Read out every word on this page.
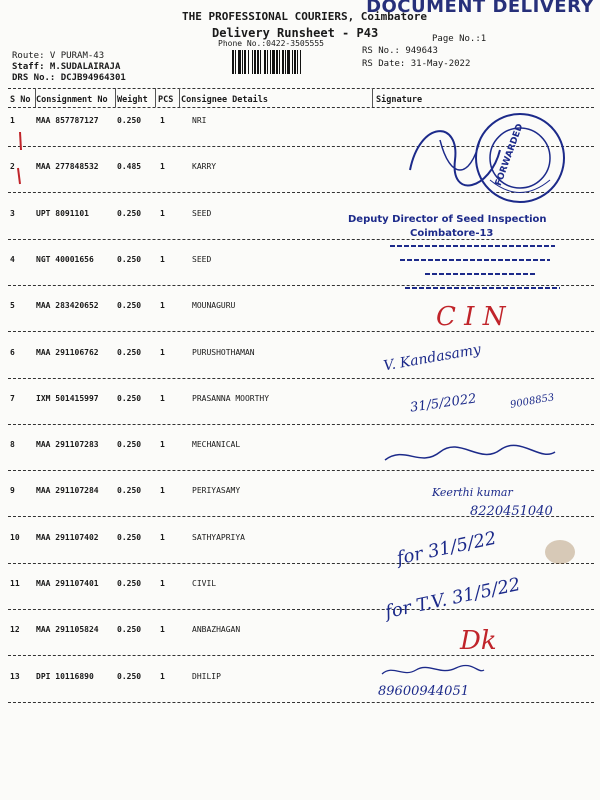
DOCUMENT DELIVERY
THE PROFESSIONAL COURIERS, Coimbatore
Delivery Runsheet - P43
Phone No.:0422-3505555	Page No.:1
RS No.: 949643
RS Date: 31-May-2022
Route: V PURAM-43
Staff: M.SUDALAIRAJA
DRS No.: DCJB94964301
S No Consignment No Weight PCS Consignee Details	Signature
1	MAA 857787127 0.250 1	NRI
2	MAA 277848532 0.485 1	KARRY
3	UPT 8091101	0.250 1	SEED
4	NGT 40001656	0.250 1	SEED
5	MAA 283420652 0.250 1	MOUNAGURU
6	MAA 291106762 0.250 1	PURUSHOTHAMAN
7	IXM 501415997 0.250 1	PRASANNA MOORTHY
8	MAA 291107283 0.250 1	MECHANICAL
9	MAA 291107284 0.250 1	PERIYASAMY
10 MAA 291107402 0.250 1	SATHYAPRIYA
11 MAA 291107401 0.250 1	CIVIL
12 MAA 291105824 0.250 1	ANBAZHAGAN
13 DPI 10116890	0.250 1	DHILIP
FORWARDED
Deputy Director of Seed Inspection
Coimbatore-13
C I N
V. Kandasamy
31/5/2022	9008853
Keerthi kumar
8220451040
for 31/5/22
for T.V. 31/5/22
Dk
89600944051
